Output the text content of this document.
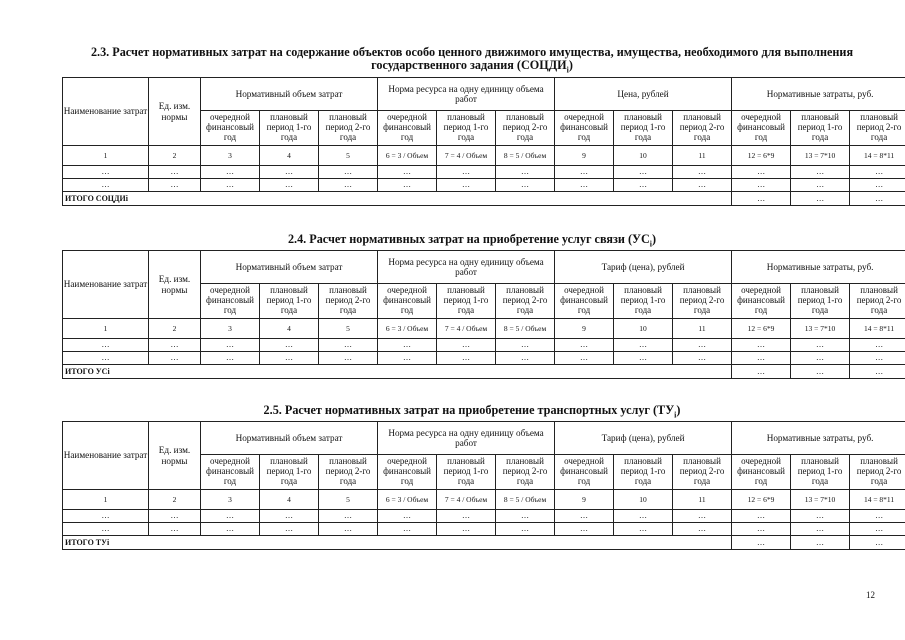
2.3. Расчет нормативных затрат на содержание объектов особо ценного движимого имущества, имущества, необходимого для выполнения
государственного задания $(СОЦДИ_i)$
Наименование затрат	Ед. изм. нормы	Нормативный объем затрат			Норма ресурса на одну единицу объема работ			Цена, рублей			Нормативные затраты, руб.		
		очередной финансовый год	плановый период 1-го года	плановый период 2-го года	очередной финансовый год	плановый период 1-го года	плановый период 2-го года	очередной финансовый год	плановый период 1-го года	плановый период 2-го года	очередной финансовый год	плановый период 1-го года	плановый период 2-го года
1	2	3	4	5	6 = 3 / Объем	7 = 4 / Объем	8 = 5 / Объем	9	10	11	12 = 6*9	13 = 7*10	14 = 8*11
…	…	…	…	…	…	…	…	…	…	…	…	…	…
…	…	…	…	…	…	…	…	…	…	…	…	…	…
ИТОГО СОЦДИi											…	…	…
2.4. Расчет нормативных затрат на приобретение услуг связи $(УС_i)$
Наименование затрат	Ед. изм. нормы	Нормативный объем затрат			Норма ресурса на одну единицу объема работ			Тариф (цена), рублей			Нормативные затраты, руб.		
		очередной финансовый год	плановый период 1-го года	плановый период 2-го года	очередной финансовый год	плановый период 1-го года	плановый период 2-го года	очередной финансовый год	плановый период 1-го года	плановый период 2-го года	очередной финансовый год	плановый период 1-го года	плановый период 2-го года
1	2	3	4	5	6 = 3 / Объем	7 = 4 / Объем	8 = 5 / Объем	9	10	11	12 = 6*9	13 = 7*10	14 = 8*11
…	…	…	…	…	…	…	…	…	…	…	…	…	…
…	…	…	…	…	…	…	…	…	…	…	…	…	…
ИТОГО УСi											…	…	…
2.5. Расчет нормативных затрат на приобретение транспортных услуг $(ТУ_i)$
Наименование затрат	Ед. изм. нормы	Нормативный объем затрат			Норма ресурса на одну единицу объема работ			Тариф (цена), рублей			Нормативные затраты, руб.		
		очередной финансовый год	плановый период 1-го года	плановый период 2-го года	очередной финансовый год	плановый период 1-го года	плановый период 2-го года	очередной финансовый год	плановый период 1-го года	плановый период 2-го года	очередной финансовый год	плановый период 1-го года	плановый период 2-го года
1	2	3	4	5	6 = 3 / Объем	7 = 4 / Объем	8 = 5 / Объем	9	10	11	12 = 6*9	13 = 7*10	14 = 8*11
…	…	…	…	…	…	…	…	…	…	…	…	…	…
…	…	…	…	…	…	…	…	…	…	…	…	…	…
ИТОГО ТУi											…	…	…
12
